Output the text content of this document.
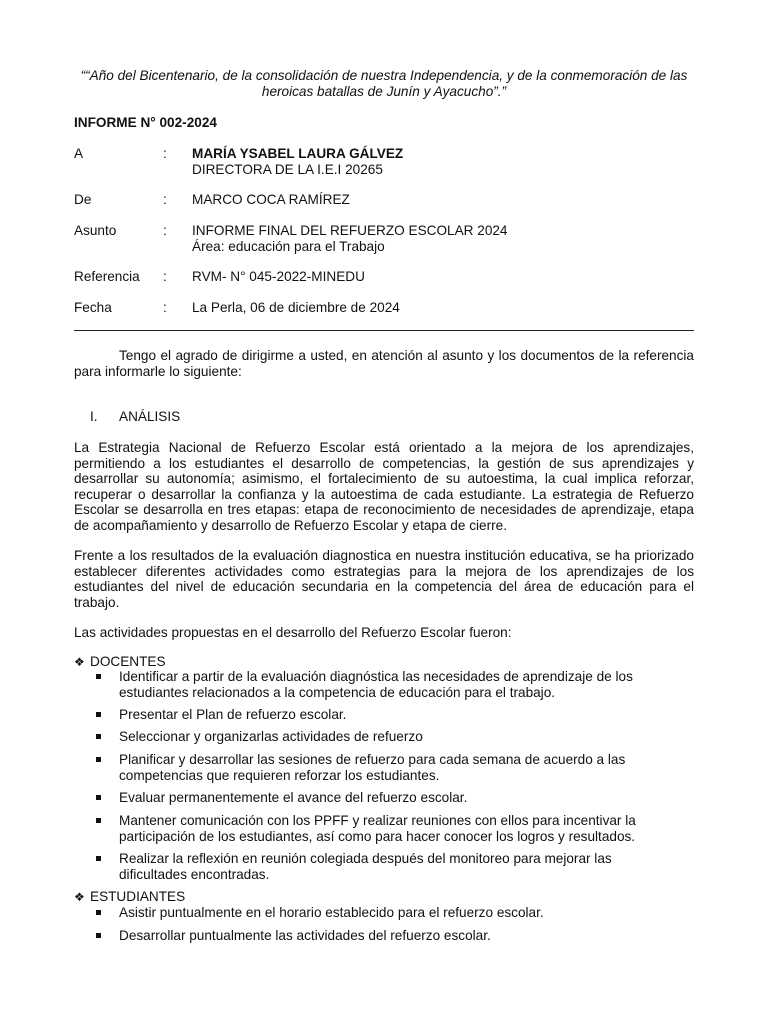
““Año del Bicentenario, de la consolidación de nuestra Independencia, y de la conmemoración de las heroicas batallas de Junín y Ayacucho”.”
INFORME N° 002-2024
A	: MARÍA YSABEL LAURA GÁLVEZ
DIRECTORA DE LA I.E.I 20265
De	: MARCO COCA RAMÍREZ
Asunto	: INFORME FINAL DEL REFUERZO ESCOLAR 2024
Área: educación para el Trabajo
Referencia : RVM- N° 045-2022-MINEDU
Fecha	: La Perla, 06 de diciembre de 2024
Tengo el agrado de dirigirme a usted, en atención al asunto y los documentos de la referencia para informarle lo siguiente:
I. ANÁLISIS
La Estrategia Nacional de Refuerzo Escolar está orientado a la mejora de los aprendizajes, permitiendo a los estudiantes el desarrollo de competencias, la gestión de sus aprendizajes y desarrollar su autonomía; asimismo, el fortalecimiento de su autoestima, la cual implica reforzar, recuperar o desarrollar la confianza y la autoestima de cada estudiante. La estrategia de Refuerzo Escolar se desarrolla en tres etapas: etapa de reconocimiento de necesidades de aprendizaje, etapa de acompañamiento y desarrollo de Refuerzo Escolar y etapa de cierre.
Frente a los resultados de la evaluación diagnostica en nuestra institución educativa, se ha priorizado establecer diferentes actividades como estrategias para la mejora de los aprendizajes de los estudiantes del nivel de educación secundaria en la competencia del área de educación para el trabajo.
Las actividades propuestas en el desarrollo del Refuerzo Escolar fueron:
❖ DOCENTES
Identificar a partir de la evaluación diagnóstica las necesidades de aprendizaje de los estudiantes relacionados a la competencia de educación para el trabajo.
Presentar el Plan de refuerzo escolar.
Seleccionar y organizarlas actividades de refuerzo
Planificar y desarrollar las sesiones de refuerzo para cada semana de acuerdo a las competencias que requieren reforzar los estudiantes.
Evaluar permanentemente el avance del refuerzo escolar.
Mantener comunicación con los PPFF y realizar reuniones con ellos para incentivar la participación de los estudiantes, así como para hacer conocer los logros y resultados.
Realizar la reflexión en reunión colegiada después del monitoreo para mejorar las dificultades encontradas.
❖ ESTUDIANTES
Asistir puntualmente en el horario establecido para el refuerzo escolar.
Desarrollar puntualmente las actividades del refuerzo escolar.
